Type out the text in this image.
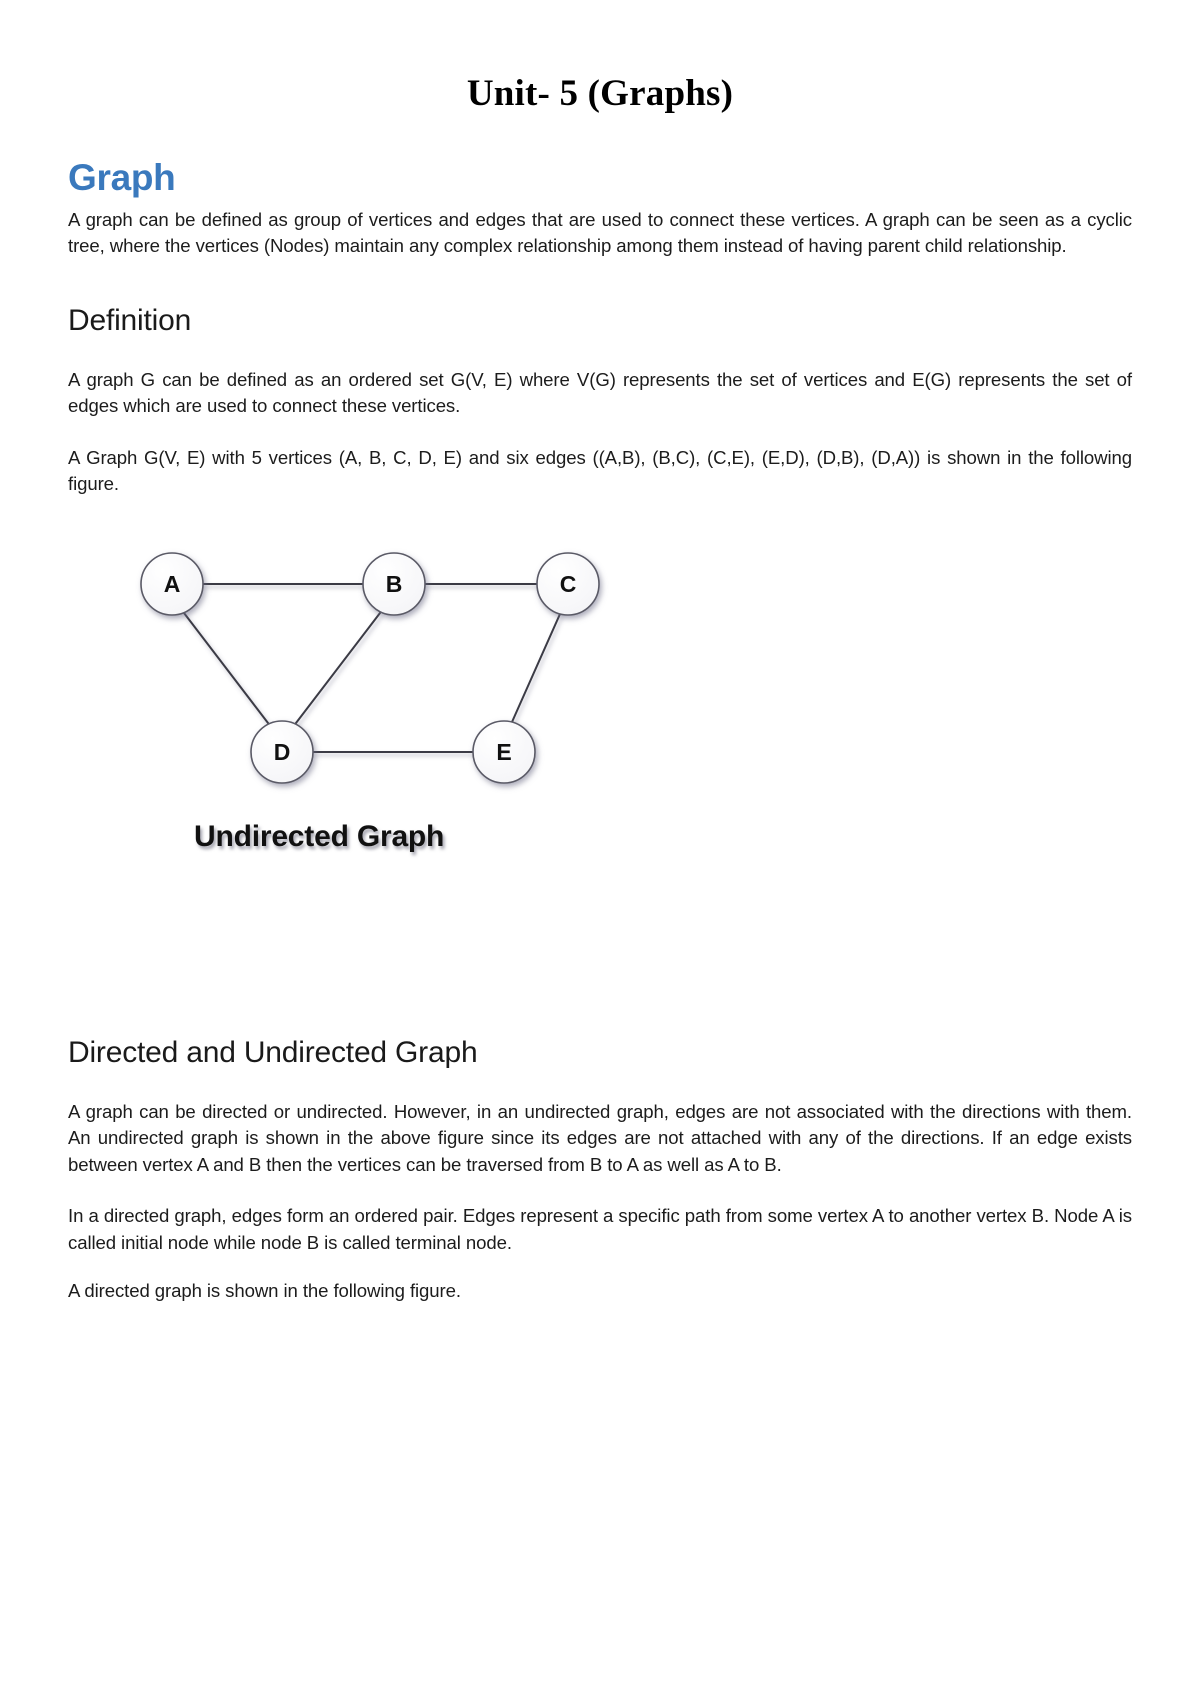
Unit- 5 (Graphs)
Graph

A graph can be defined as group of vertices and edges that are used to connect these vertices. A graph can be seen as a cyclic tree, where the vertices (Nodes) maintain any complex relationship among them instead of having parent child relationship.

Definition

A graph G can be defined as an ordered set G(V, E) where V(G) represents the set of vertices and E(G) represents the set of edges which are used to connect these vertices.

A Graph G(V, E) with 5 vertices (A, B, C, D, E) and six edges ((A,B), (B,C), (C,E), (E,D), (D,B), (D,A)) is shown in the following figure.

A	B	C
D	E
Undirected Graph
Directed and Undirected Graph

A graph can be directed or undirected. However, in an undirected graph, edges are not associated with the directions with them. An undirected graph is shown in the above figure since its edges are not attached with any of the directions. If an edge exists between vertex A and B then the vertices can be traversed from B to A as well as A to B.

In a directed graph, edges form an ordered pair. Edges represent a specific path from some vertex A to another vertex B. Node A is called initial node while node B is called terminal node.

A directed graph is shown in the following figure.
